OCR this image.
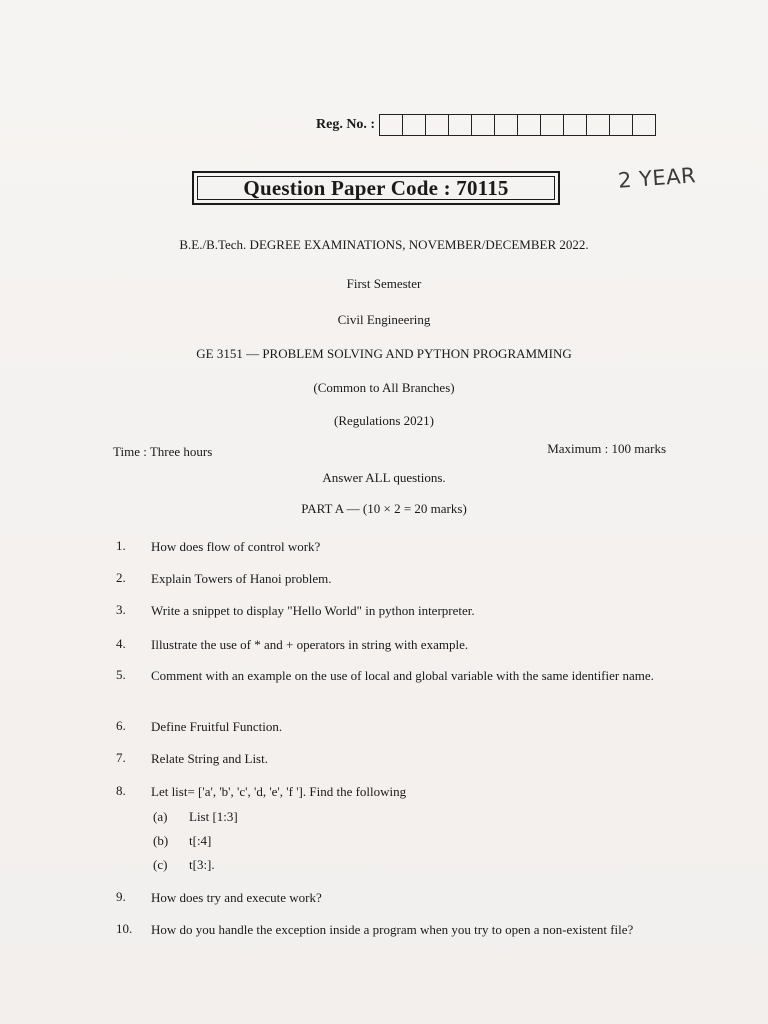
Reg. No. :
Question Paper Code : 70115	2 YEAR
B.E./B.Tech. DEGREE EXAMINATIONS, NOVEMBER/DECEMBER 2022.
First Semester
Civil Engineering
GE 3151 — PROBLEM SOLVING AND PYTHON PROGRAMMING
(Common to All Branches)
(Regulations 2021)
Time : Three hours	Maximum : 100 marks
Answer ALL questions.
PART A — (10 × 2 = 20 marks)
1.	How does flow of control work?
2.	Explain Towers of Hanoi problem.
3.	Write a snippet to display "Hello World" in python interpreter.
4.	Illustrate the use of * and + operators in string with example.
5.	Comment with an example on the use of local and global variable with the same identifier name.
6.	Define Fruitful Function.
7.	Relate String and List.
8.	Let list= ['a', 'b', 'c', 'd, 'e', 'f ']. Find the following
(a) List [1:3]
(b) t[:4]
(c) t[3:].
9.	How does try and execute work?
10.	How do you handle the exception inside a program when you try to open a non-existent file?
